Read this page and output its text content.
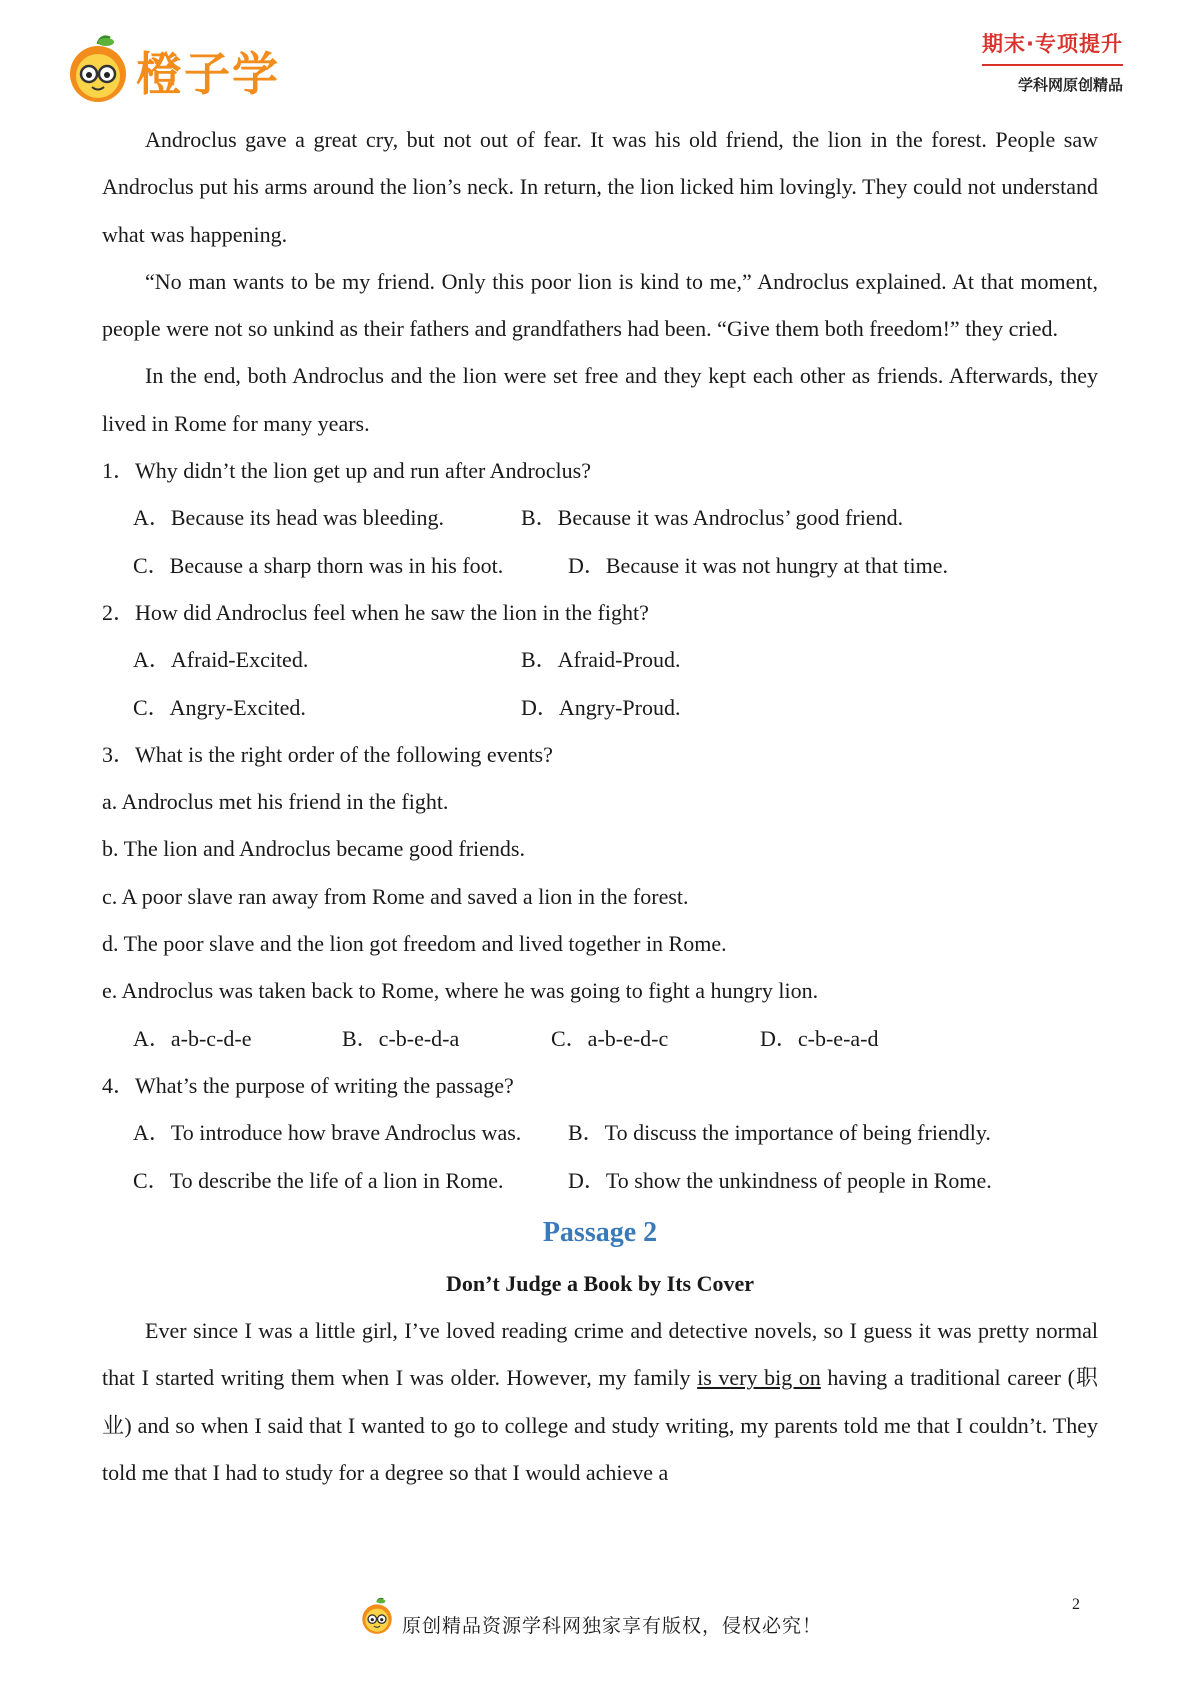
橙子学
期末·专项提升
学科网原创精品

Androclus gave a great cry, but not out of fear. It was his old friend, the lion in the forest. People saw Androclus put his arms around the lion’s neck. In return, the lion licked him lovingly. They could not understand what was happening.

“No man wants to be my friend. Only this poor lion is kind to me,” Androclus explained. At that moment, people were not so unkind as their fathers and grandfathers had been. “Give them both freedom!” they cried.

In the end, both Androclus and the lion were set free and they kept each other as friends. Afterwards, they lived in Rome for many years.

1．Why didn’t the lion get up and run after Androclus?
A．Because its head was bleeding.	B．Because it was Androclus’ good friend.
C．Because a sharp thorn was in his foot.	D．Because it was not hungry at that time.
2．How did Androclus feel when he saw the lion in the fight?
A．Afraid-Excited.	B．Afraid-Proud.
C．Angry-Excited.	D．Angry-Proud.
3．What is the right order of the following events?
a. Androclus met his friend in the fight.
b. The lion and Androclus became good friends.
c. A poor slave ran away from Rome and saved a lion in the forest.
d. The poor slave and the lion got freedom and lived together in Rome.
e. Androclus was taken back to Rome, where he was going to fight a hungry lion.
A．a-b-c-d-e	B．c-b-e-d-a	C．a-b-e-d-c	D．c-b-e-a-d
4．What’s the purpose of writing the passage?
A．To introduce how brave Androclus was.	B．To discuss the importance of being friendly.
C．To describe the life of a lion in Rome.	D．To show the unkindness of people in Rome.
Passage 2
Don’t Judge a Book by Its Cover

Ever since I was a little girl, I’ve loved reading crime and detective novels, so I guess it was pretty normal that I started writing them when I was older. However, my family is very big on having a traditional career (职业) and so when I said that I wanted to go to college and study writing, my parents told me that I couldn’t. They told me that I had to study for a degree so that I would achieve a

2
原创精品资源学科网独家享有版权，侵权必究！
